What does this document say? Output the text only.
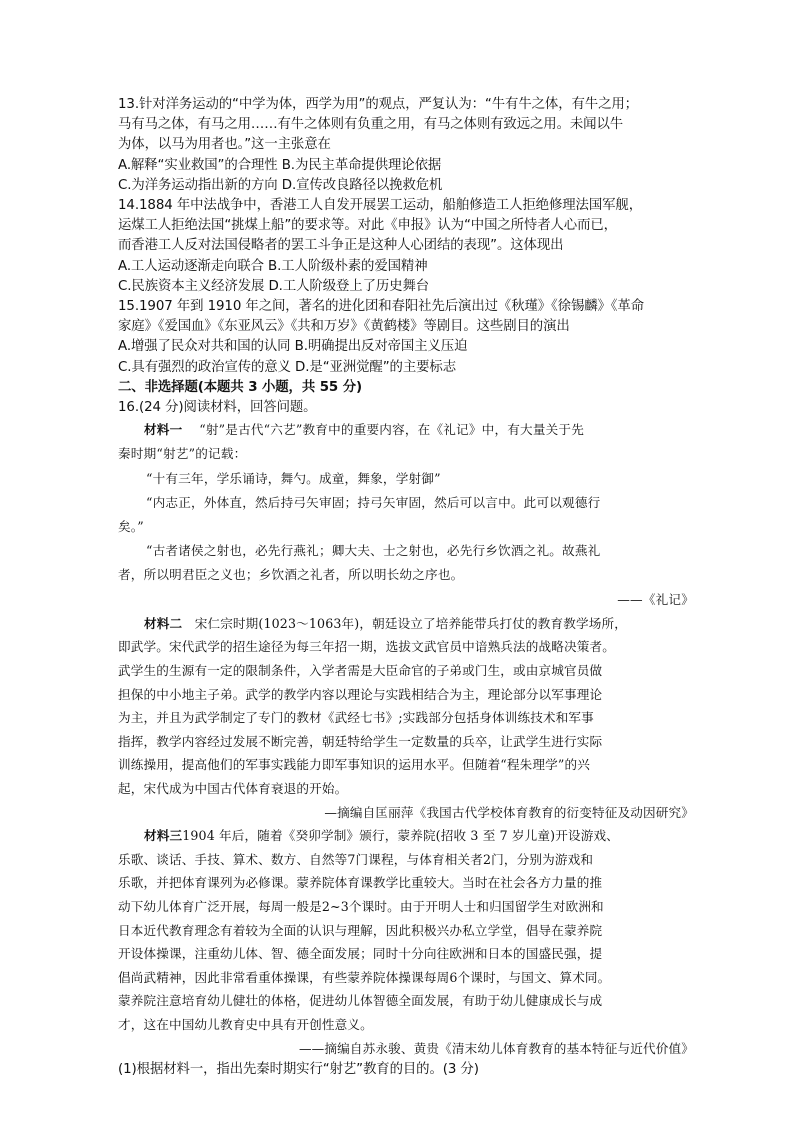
13.针对洋务运动的“中学为体，西学为用”的观点，严复认为：“牛有牛之体，有牛之用；
马有马之体，有马之用……有牛之体则有负重之用，有马之体则有致远之用。未闻以牛
为体，以马为用者也。”这一主张意在
A.解释“实业救国”的合理性 B.为民主革命提供理论依据
C.为洋务运动指出新的方向 D.宣传改良路径以挽救危机
14.1884 年中法战争中，香港工人自发开展罢工运动，船舶修造工人拒绝修理法国军舰，
运煤工人拒绝法国“挑煤上船”的要求等。对此《申报》认为“中国之所恃者人心而已，
而香港工人反对法国侵略者的罢工斗争正是这种人心团结的表现”。这体现出
A.工人运动逐渐走向联合 B.工人阶级朴素的爱国精神
C.民族资本主义经济发展 D.工人阶级登上了历史舞台
15.1907 年到 1910 年之间，著名的进化团和春阳社先后演出过《秋瑾》《徐锡麟》《革命
家庭》《爱国血》《东亚风云》《共和万岁》《黄鹤楼》等剧目。这些剧目的演出
A.增强了民众对共和国的认同 B.明确提出反对帝国主义压迫
C.具有强烈的政治宣传的意义 D.是“亚洲觉醒”的主要标志
二、非选择题(本题共 3 小题，共 55 分)
16.(24 分)阅读材料，回答问题。
材料一 “射”是古代“六艺”教育中的重要内容，在《礼记》中，有大量关于先
秦时期“射艺”的记载：
“十有三年，学乐诵诗，舞勺。成童，舞象，学射御”
“内志正，外体直，然后持弓矢审固；持弓矢审固，然后可以言中。此可以观德行
矣。”
“古者诸侯之射也，必先行燕礼；卿大夫、士之射也，必先行乡饮酒之礼。故燕礼
者，所以明君臣之义也；乡饮酒之礼者，所以明长幼之序也。
——《礼记》
材料二 宋仁宗时期(1023～1063年)，朝廷设立了培养能带兵打仗的教育教学场所，
即武学。宋代武学的招生途径为每三年招一期，选拔文武官员中谙熟兵法的战略决策者。
武学生的生源有一定的限制条件，入学者需是大臣命官的子弟或门生，或由京城官员做
担保的中小地主子弟。武学的教学内容以理论与实践相结合为主，理论部分以军事理论
为主，并且为武学制定了专门的教材《武经七书》;实践部分包括身体训练技术和军事
指挥，教学内容经过发展不断完善，朝廷特给学生一定数量的兵卒，让武学生进行实际
训练操用，提高他们的军事实践能力即军事知识的运用水平。但随着“程朱理学”的兴
起，宋代成为中国古代体育衰退的开始。
—摘编自匡丽萍《我国古代学校体育教育的衍变特征及动因研究》
材料三1904 年后，随着《癸卯学制》颁行，蒙养院(招收 3 至 7 岁儿童)开设游戏、
乐歌、谈话、手技、算术、数方、自然等7门课程，与体育相关者2门，分别为游戏和
乐歌，并把体育课列为必修课。蒙养院体育课教学比重较大。当时在社会各方力量的推
动下幼儿体育广泛开展，每周一般是2~3个课时。由于开明人士和归国留学生对欧洲和
日本近代教育理念有着较为全面的认识与理解，因此积极兴办私立学堂，倡导在蒙养院
开设体操课，注重幼儿体、智、德全面发展；同时十分向往欧洲和日本的国盛民强，提
倡尚武精神，因此非常看重体操课，有些蒙养院体操课每周6个课时，与国文、算术同。
蒙养院注意培育幼儿健壮的体格，促进幼儿体智德全面发展，有助于幼儿健康成长与成
才，这在中国幼儿教育史中具有开创性意义。
——摘编自苏永骏、黄贵《清末幼儿体育教育的基本特征与近代价值》
(1)根据材料一，指出先秦时期实行“射艺”教育的目的。(3 分)
